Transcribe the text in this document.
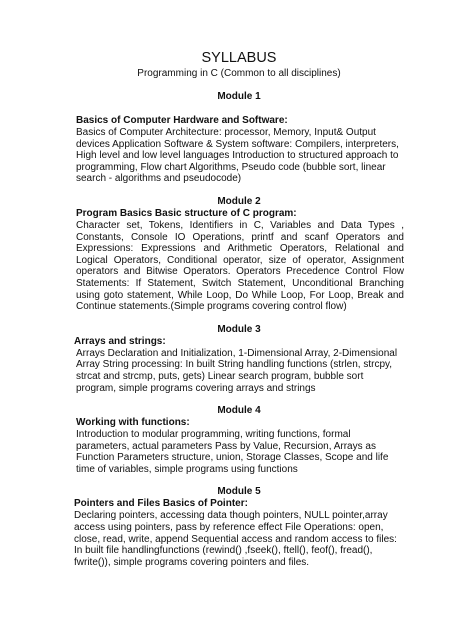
SYLLABUS
Programming in C (Common to all disciplines)
Module 1
Basics of Computer Hardware and Software:
Basics of Computer Architecture: processor, Memory, Input& Output devices Application Software & System software: Compilers, interpreters, High level and low level languages Introduction to structured approach to programming, Flow chart Algorithms, Pseudo code (bubble sort, linear search - algorithms and pseudocode)
Module 2
Program Basics Basic structure of C program:
Character set, Tokens, Identifiers in C, Variables and Data Types , Constants, Console IO Operations, printf and scanf Operators and Expressions: Expressions and Arithmetic Operators, Relational and Logical Operators, Conditional operator, size of operator, Assignment operators and Bitwise Operators. Operators Precedence Control Flow Statements: If Statement, Switch Statement, Unconditional Branching using goto statement, While Loop, Do While Loop, For Loop, Break and Continue statements.(Simple programs covering control flow)
Module 3
Arrays and strings:
Arrays Declaration and Initialization, 1-Dimensional Array, 2-Dimensional Array String processing: In built String handling functions (strlen, strcpy, strcat and strcmp, puts, gets) Linear search program, bubble sort program, simple programs covering arrays and strings
Module 4
Working with functions:
Introduction to modular programming, writing functions, formal parameters, actual parameters Pass by Value, Recursion, Arrays as Function Parameters structure, union, Storage Classes, Scope and life time of variables, simple programs using functions
Module 5
Pointers and Files Basics of Pointer:
Declaring pointers, accessing data though pointers, NULL pointer,array access using pointers, pass by reference effect File Operations: open, close, read, write, append Sequential access and random access to files: In built file handlingfunctions (rewind() ,fseek(), ftell(), feof(), fread(), fwrite()), simple programs covering pointers and files.
